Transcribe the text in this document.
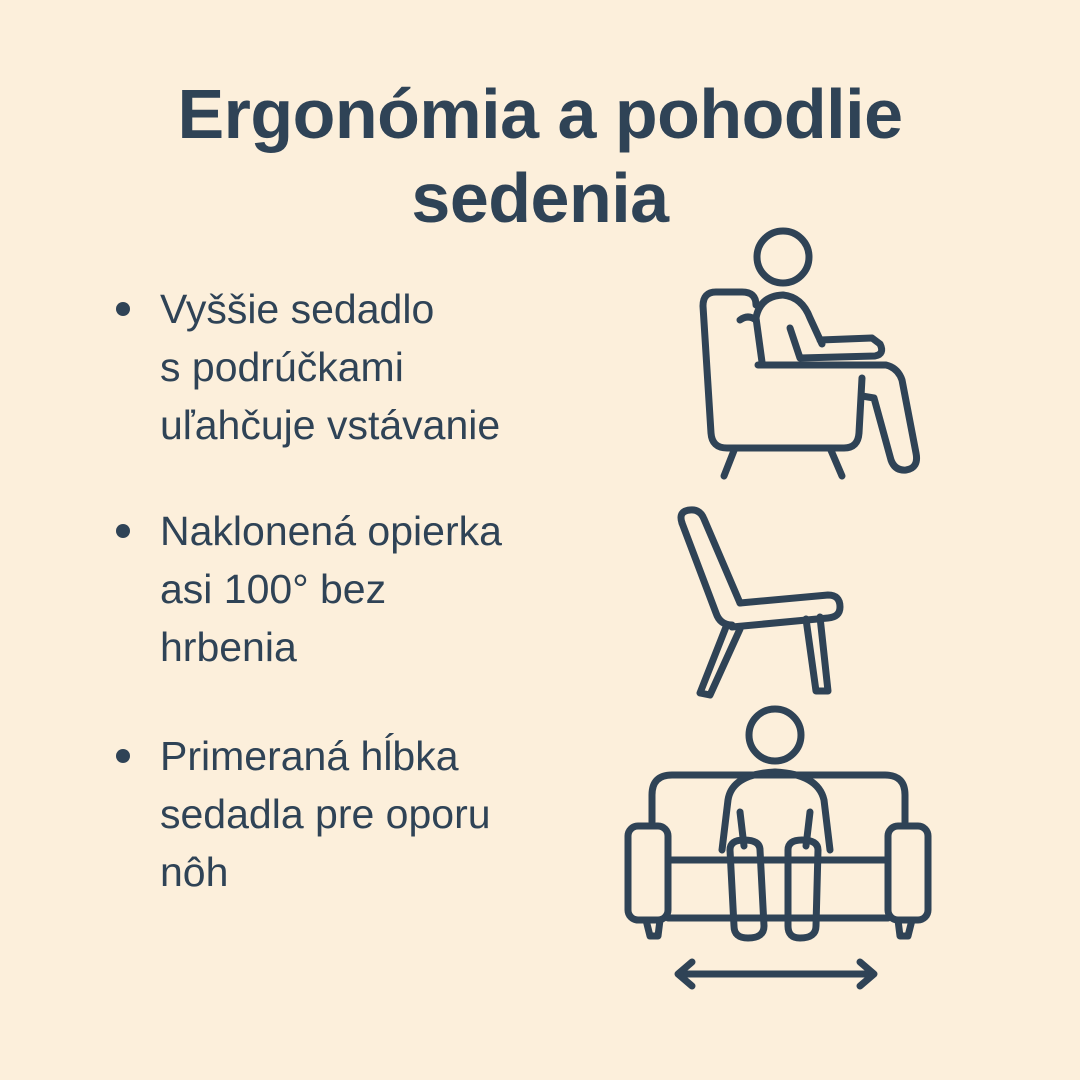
Ergonómia a pohodlie
sedenia
Vyššie sedadlo
s podrúčkami
uľahčuje vstávanie
Naklonená opierka
asi 100° bez
hrbenia
Primeraná hĺbka
sedadla pre oporu
nôh
